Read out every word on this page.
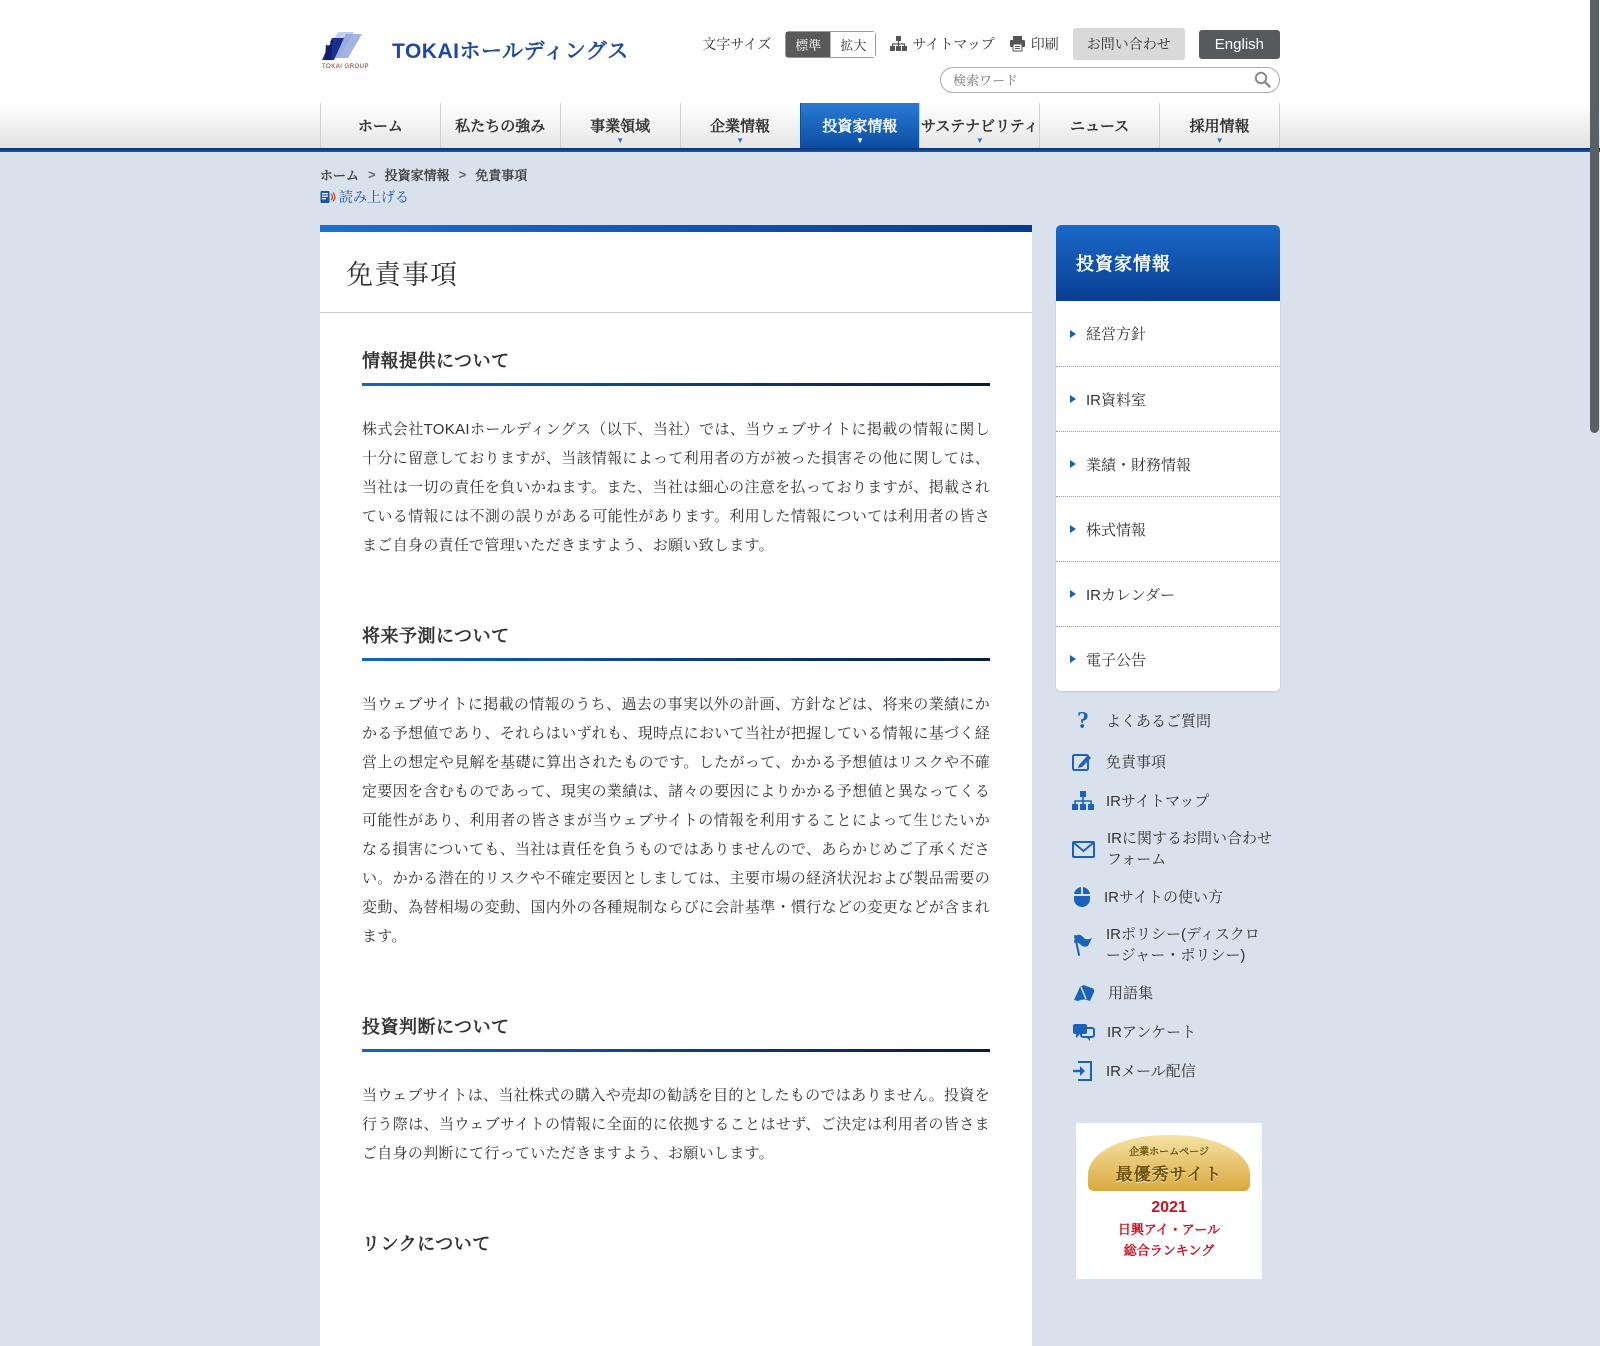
TOKAI GROUP
TOKAIホールディングス	文字サイズ	標準	拡大	サイトマップ	印刷	お問い合わせ	English
検索ワード
ホーム	私たちの強み	事業領域
▼
企業情報
▼
投資家情報
▼
サステナビリティ
▼
ニュース	採用情報
▼
ホーム > 投資家情報 > 免責事項
読み上げる
免責事項
情報提供について

株式会社TOKAIホールディングス（以下、当社）では、当ウェブサイトに掲載の情報に関し十分に留意しておりますが、当該情報によって利用者の方が被った損害その他に関しては、当社は一切の責任を負いかねます。また、当社は細心の注意を払っておりますが、掲載されている情報には不測の誤りがある可能性があります。利用した情報については利用者の皆さまご自身の責任で管理いただきますよう、お願い致します。

将来予測について

当ウェブサイトに掲載の情報のうち、過去の事実以外の計画、方針などは、将来の業績にかかる予想値であり、それらはいずれも、現時点において当社が把握している情報に基づく経営上の想定や見解を基礎に算出されたものです。したがって、かかる予想値はリスクや不確定要因を含むものであって、現実の業績は、諸々の要因によりかかる予想値と異なってくる可能性があり、利用者の皆さまが当ウェブサイトの情報を利用することによって生じたいかなる損害についても、当社は責任を負うものではありませんので、あらかじめご了承ください。かかる潜在的リスクや不確定要因としましては、主要市場の経済状況および製品需要の変動、為替相場の変動、国内外の各種規制ならびに会計基準・慣行などの変更などが含まれます。

投資判断について

当ウェブサイトは、当社株式の購入や売却の勧誘を目的としたものではありません。投資を行う際は、当ウェブサイトの情報に全面的に依拠することはせず、ご決定は利用者の皆さまご自身の判断にて行っていただきますよう、お願いします。

リンクについて
投資家情報
経営方針
IR資料室
業績・財務情報
株式情報
IRカレンダー
電子公告
?	よくあるご質問
免責事項
IRサイトマップ
IRに関するお問い合わせフォーム
IRサイトの使い方
IRポリシー(ディスクロージャー・ポリシー)
用語集
IRアンケート
IRメール配信
企業ホームページ
最優秀サイト
2021
日興アイ・アール
総合ランキング
